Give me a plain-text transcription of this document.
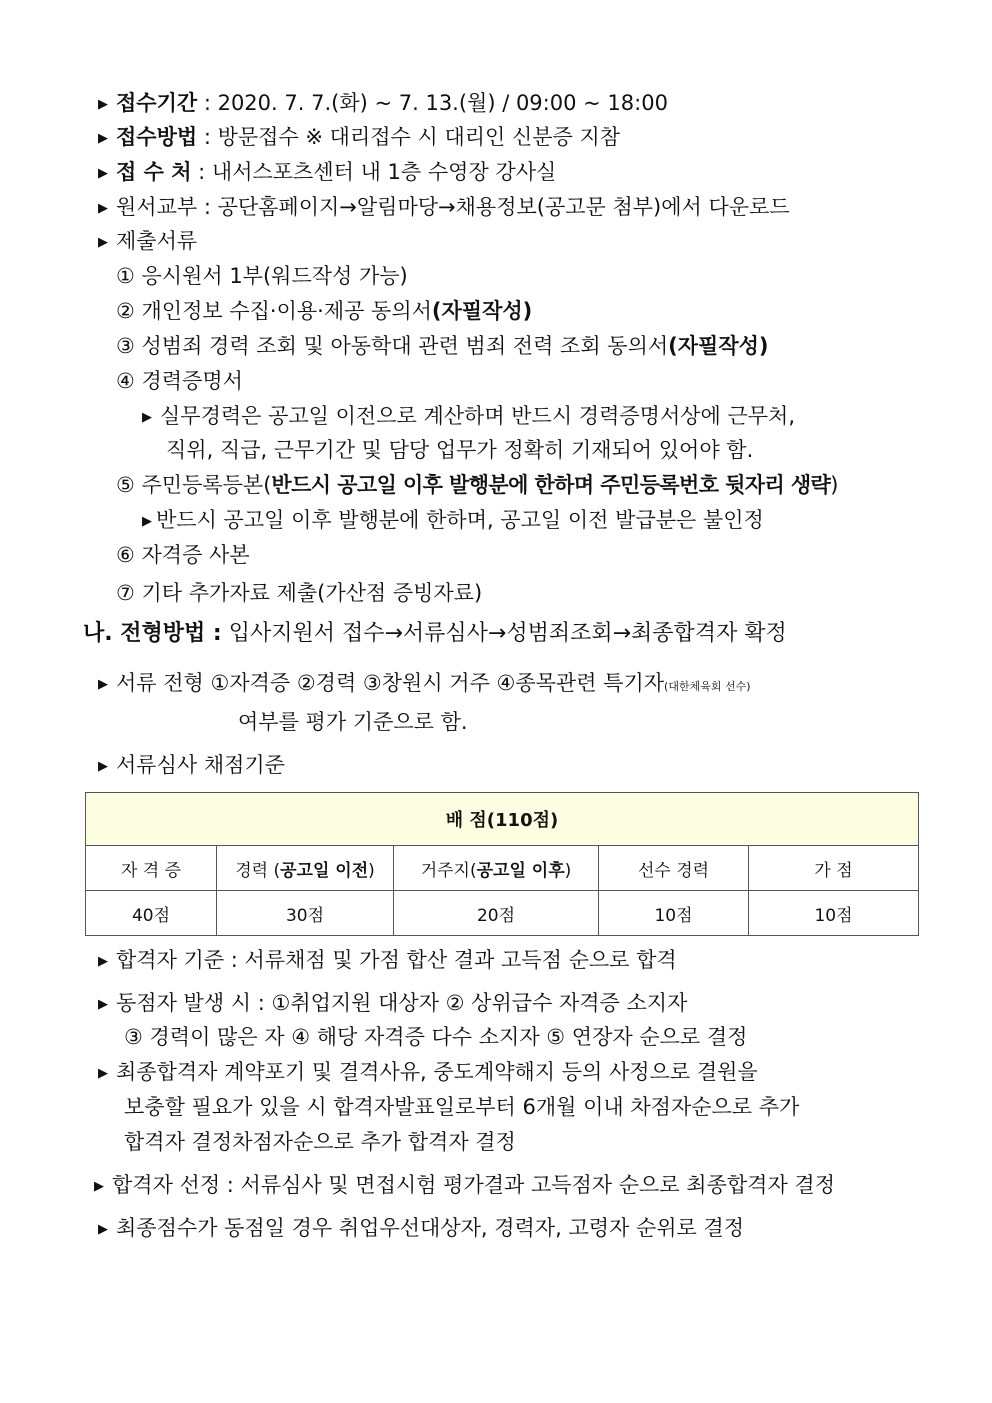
▶ 접수기간 : 2020. 7. 7.(화) ~ 7. 13.(월) / 09:00 ~ 18:00
▶ 접수방법 : 방문접수 ※ 대리접수 시 대리인 신분증 지참
▶ 접 수 처 : 내서스포츠센터 내 1층 수영장 강사실
▶ 원서교부 : 공단홈페이지→알림마당→채용정보(공고문 첨부)에서 다운로드
▶ 제출서류
① 응시원서 1부(워드작성 가능)
② 개인정보 수집·이용·제공 동의서(자필작성)
③ 성범죄 경력 조회 및 아동학대 관련 범죄 전력 조회 동의서(자필작성)
④ 경력증명서
▶ 실무경력은 공고일 이전으로 계산하며 반드시 경력증명서상에 근무처,
직위, 직급, 근무기간 및 담당 업무가 정확히 기재되어 있어야 함.
⑤ 주민등록등본(반드시 공고일 이후 발행분에 한하며 주민등록번호 뒷자리 생략)
▶ 반드시 공고일 이후 발행분에 한하며, 공고일 이전 발급분은 불인정
⑥ 자격증 사본
⑦ 기타 추가자료 제출(가산점 증빙자료)
나. 전형방법 : 입사지원서 접수→서류심사→성범죄조회→최종합격자 확정
▶ 서류 전형 ①자격증 ②경력 ③창원시 거주 ④종목관련 특기자(대한체육회 선수)
여부를 평가 기준으로 함.
▶ 서류심사 채점기준
배 점(110점)				
자 격 증	경력 (공고일 이전)	거주지(공고일 이후)	선수 경력	가 점
40점	30점	20점	10점	10점
▶ 합격자 기준 : 서류채점 및 가점 합산 결과 고득점 순으로 합격
▶ 동점자 발생 시 : ①취업지원 대상자 ② 상위급수 자격증 소지자
③ 경력이 많은 자 ④ 해당 자격증 다수 소지자 ⑤ 연장자 순으로 결정
▶ 최종합격자 계약포기 및 결격사유, 중도계약해지 등의 사정으로 결원을
보충할 필요가 있을 시 합격자발표일로부터 6개월 이내 차점자순으로 추가
합격자 결정차점자순으로 추가 합격자 결정
▶ 합격자 선정 : 서류심사 및 면접시험 평가결과 고득점자 순으로 최종합격자 결정
▶ 최종점수가 동점일 경우 취업우선대상자, 경력자, 고령자 순위로 결정
